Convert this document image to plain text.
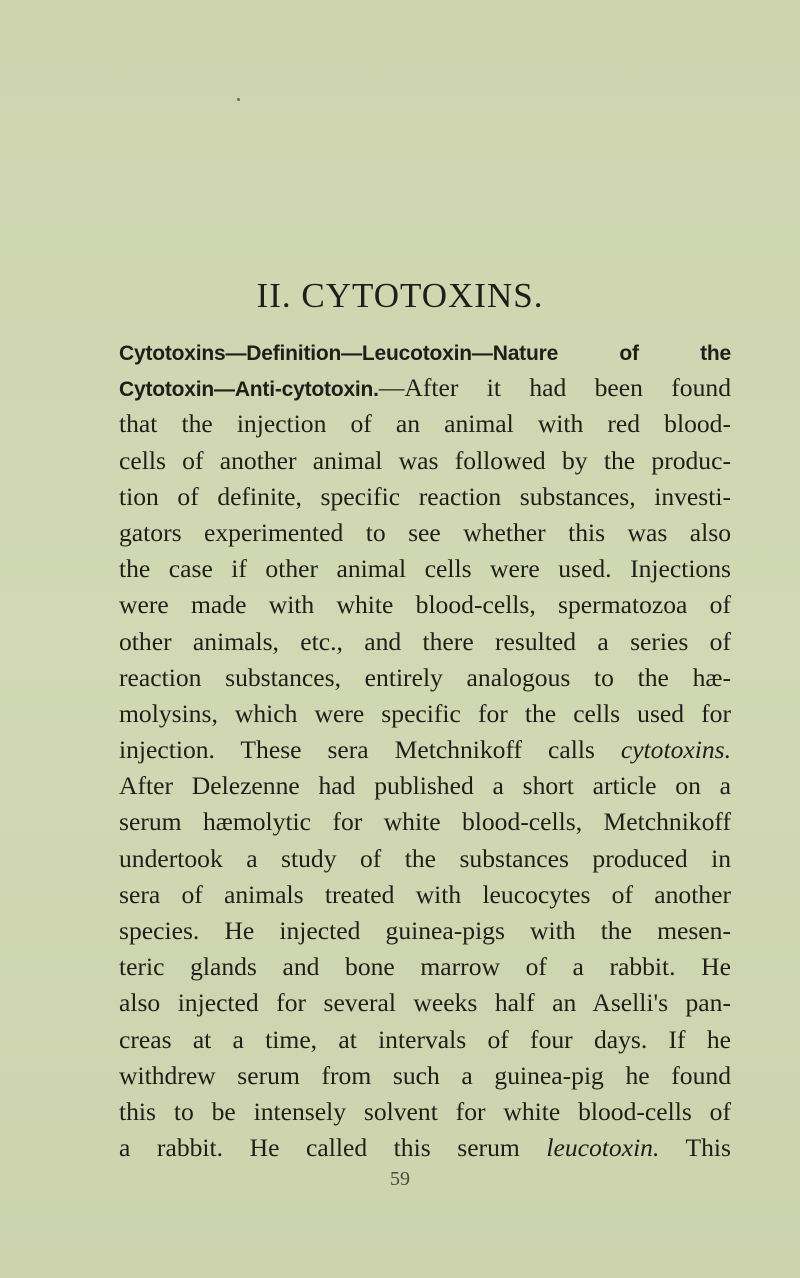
II. CYTOTOXINS.
Cytotoxins—Definition—Leucotoxin—Nature of the
Cytotoxin—Anti-cytotoxin.—After it had been found
that the injection of an animal with red blood-
cells of another animal was followed by the produc-
tion of definite, specific reaction substances, investi-
gators experimented to see whether this was also
the case if other animal cells were used. Injections
were made with white blood-cells, spermatozoa of
other animals, etc., and there resulted a series of
reaction substances, entirely analogous to the hæ-
molysins, which were specific for the cells used for
injection. These sera Metchnikoff calls cytotoxins.
After Delezenne had published a short article on a
serum hæmolytic for white blood-cells, Metchnikoff
undertook a study of the substances produced in
sera of animals treated with leucocytes of another
species. He injected guinea-pigs with the mesen-
teric glands and bone marrow of a rabbit. He
also injected for several weeks half an Aselli's pan-
creas at a time, at intervals of four days. If he
withdrew serum from such a guinea-pig he found
this to be intensely solvent for white blood-cells of
a rabbit. He called this serum leucotoxin. This
59
